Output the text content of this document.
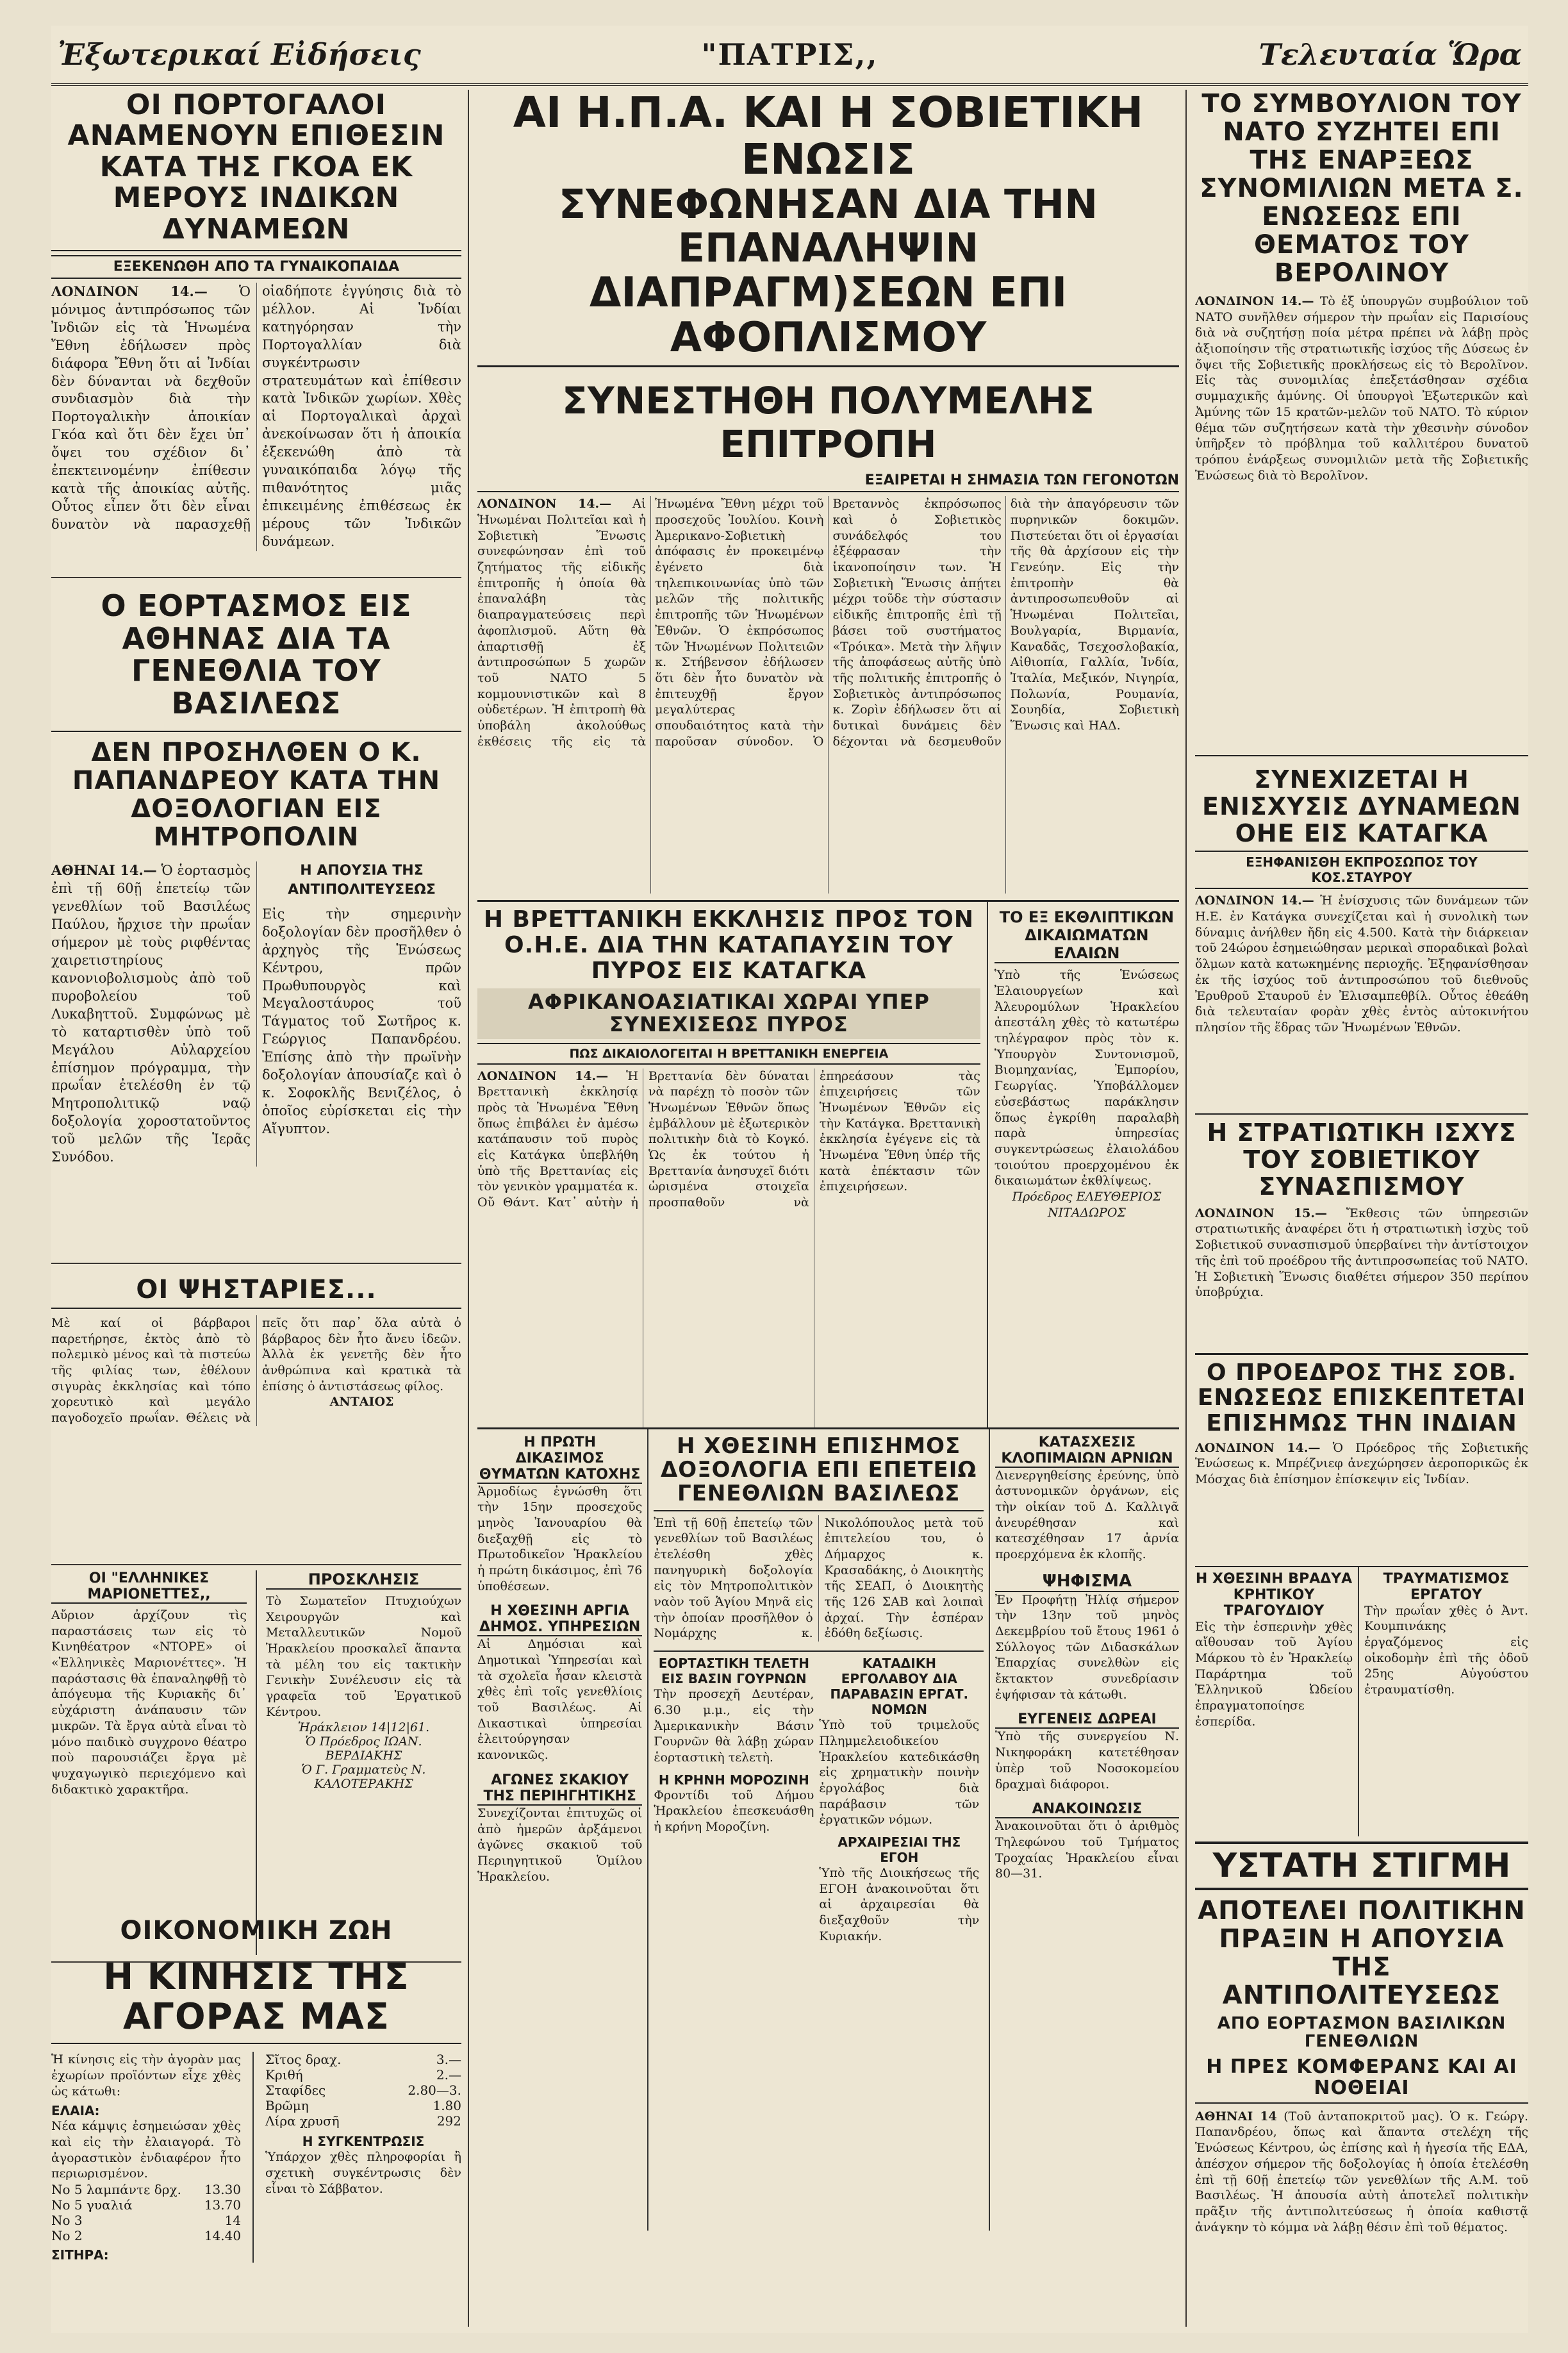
Ἐξωτερικαί Εἰδήσεις	"ΠΑΤΡΙΣ,,	Τελευταία Ὥρα
ΟΙ ΠΟΡΤΟΓΑΛΟΙ ΑΝΑΜΕΝΟΥΝ ΕΠΙΘΕΣΙΝ ΚΑΤΑ ΤΗΣ ΓΚΟΑ ΕΚ ΜΕΡΟΥΣ ΙΝΔΙΚΩΝ ΔΥΝΑΜΕΩΝ
ΕΞΕΚΕΝΩΘΗ ΑΠΟ ΤΑ ΓΥΝΑΙΚΟΠΑΙΔΑ
ΛΟΝΔΙΝΟΝ 14.— Ὁ μόνιμος ἀντιπρόσωπος τῶν Ἰνδιῶν εἰς τὰ Ἡνωμένα Ἔθνη ἐδήλωσεν πρὸς διάφορα Ἔθνη ὅτι αἱ Ἰνδίαι δὲν δύνανται νὰ δεχθοῦν συνδιασμὸν διὰ τὴν Πορτογαλικὴν ἀποικίαν Γκόα καὶ ὅτι δὲν ἔχει ὑπ᾽ ὄψει του σχέδιον δι᾽ ἐπεκτεινομένην ἐπίθεσιν κατὰ τῆς ἀποικίας αὐτῆς. Οὗτος εἶπεν ὅτι δὲν εἶναι δυνατὸν νὰ παρασχεθῇ οἱαδήποτε ἐγγύησις διὰ τὸ μέλλον. Αἱ Ἰνδίαι κατηγόρησαν τὴν Πορτογαλλίαν διὰ συγκέντρωσιν στρατευμάτων καὶ ἐπίθεσιν κατὰ Ἰνδικῶν χωρίων. Χθὲς αἱ Πορτογαλικαὶ ἀρχαὶ ἀνεκοίνωσαν ὅτι ἡ ἀποικία ἐξεκενώθη ἀπὸ τὰ γυναικόπαιδα λόγῳ τῆς πιθανότητος μιᾶς ἐπικειμένης ἐπιθέσεως ἐκ μέρους τῶν Ἰνδικῶν δυνάμεων.
Ο ΕΟΡΤΑΣΜΟΣ ΕΙΣ ΑΘΗΝΑΣ ΔΙΑ ΤΑ ΓΕΝΕΘΛΙΑ ΤΟΥ ΒΑΣΙΛΕΩΣ
ΔΕΝ ΠΡΟΣΗΛΘΕΝ Ο Κ. ΠΑΠΑΝΔΡΕΟΥ ΚΑΤΑ ΤΗΝ ΔΟΞΟΛΟΓΙΑΝ ΕΙΣ ΜΗΤΡΟΠΟΛΙΝ
ΑΘΗΝΑΙ 14.— Ὁ ἑορτασμὸς ἐπὶ τῇ 60ῇ ἐπετείῳ τῶν γενεθλίων τοῦ Βασιλέως Παύλου, ἤρχισε τὴν πρωΐαν σήμερον μὲ τοὺς ριφθέντας χαιρετιστηρίους κανονιοβολισμοὺς ἀπὸ τοῦ πυροβολείου τοῦ Λυκαβηττοῦ. Συμφώνως μὲ τὸ καταρτισθὲν ὑπὸ τοῦ Μεγάλου Αὐλαρχείου ἐπίσημον πρόγραμμα, τὴν πρωΐαν ἐτελέσθη ἐν τῷ Μητροπολιτικῷ ναῷ δοξολογία χοροστατοῦντος τοῦ μελῶν τῆς Ἱερᾶς Συνόδου.
Η ΑΠΟΥΣΙΑ ΤΗΣ ΑΝΤΙΠΟΛΙΤΕΥΣΕΩΣ
Εἰς τὴν σημερινὴν δοξολογίαν δὲν προσῆλθεν ὁ ἀρχηγὸς τῆς Ἑνώσεως Κέντρου, πρῶν Πρωθυπουργὸς καὶ Μεγαλοστάυρος τοῦ Τάγματος τοῦ Σωτῆρος κ. Γεώργιος Παπανδρέου. Ἐπίσης ἀπὸ τὴν πρωϊνὴν δοξολογίαν ἀπουσίαζε καὶ ὁ κ. Σοφοκλῆς Βενιζέλος, ὁ ὁποῖος εὑρίσκεται εἰς τὴν Αἴγυπτον.
ΟΙ ΨΗΣΤΑΡΙΕΣ...
Μὲ καί οἱ βάρβαροι παρετήρησε, ἐκτὸς ἀπὸ τὸ πολεμικὸ μένος καὶ τὰ πιστεύω τῆς φιλίας των, ἐθέλουν σιγυρὰς ἐκκλησίας καὶ τόπο χορευτικὸ καὶ μεγάλο παγοδοχεῖο πρωΐαν. Θέλεις νὰ πεῖς ὅτι παρ᾽ ὅλα αὐτὰ ὁ βάρβαρος δὲν ἦτο ἄνευ ἰδεῶν. Ἀλλὰ ἐκ γενετῆς δὲν ἦτο ἀνθρώπινα καὶ κρατικὰ τὰ ἐπίσης ὁ ἀντιστάσεως φίλος.
ΑΝΤΑΙΟΣ
ΟΙ "ΕΛΛΗΝΙΚΕΣ ΜΑΡΙΟΝΕΤΤΕΣ,,
Αὔριον ἀρχίζουν τὶς παραστάσεις των εἰς τὸ Κινηθέατρον «ΝΤΟΡΕ» οἱ «Ἑλληνικὲς Μαριονέττες». Ἡ παράστασις θὰ ἐπαναληφθῇ τὸ ἀπόγευμα τῆς Κυριακῆς δι᾽ εὐχάριστη ἀνάπαυσιν τῶν μικρῶν. Τὰ ἔργα αὐτὰ εἶναι τὸ μόνο παιδικὸ συγχρονο θέατρο ποὺ παρουσιάζει ἔργα μὲ ψυχαγωγικὸ περιεχόμενο καὶ διδακτικὸ χαρακτῆρα.
ΠΡΟΣΚΛΗΣΙΣ
Τὸ Σωματεῖον Πτυχιούχων Χειρουργῶν καὶ Μεταλλευτικῶν Νομοῦ Ἡρακλείου προσκαλεῖ ἅπαντα τὰ μέλη του εἰς τακτικὴν Γενικὴν Συνέλευσιν εἰς τὰ γραφεῖα τοῦ Ἐργατικοῦ Κέντρου.
Ἡράκλειον 14|12|61.
Ὁ Πρόεδρος ΙΩΑΝ. ΒΕΡΔΙΑΚΗΣ
Ὁ Γ. Γραμματεὺς Ν. ΚΑΛΟΤΕΡΑΚΗΣ
ΟΙΚΟΝΟΜΙΚΗ ΖΩΗ
Η ΚΙΝΗΣΙΣ ΤΗΣ ΑΓΟΡΑΣ ΜΑΣ
Ἡ κίνησις εἰς τὴν ἀγορὰν μας ἐχωρίων προϊόντων εἶχε χθὲς ὡς κάτωθι:
ΕΛΑΙΑ:
Νέα κάμψις ἐσημειώσαν χθὲς καὶ εἰς τὴν ἐλαιαγορά. Τὸ ἀγοραστικὸν ἐνδιαφέρον ἦτο περιωρισμένον.
Νο 5 λαμπάντε δρχ. 13.30
Νο 5 γυαλιά	13.70
Νο 3	14
Νο 2	14.40
ΣΙΤΗΡΑ:
Σῖτος δραχ.	3.—
Κριθή	2.—
Σταφίδες	2.80—3.
Βρῶμη	1.80
Λίρα χρυσῆ	292
Η ΣΥΓΚΕΝΤΡΩΣΙΣ
Ὑπάρχον χθὲς πληροφορίαι ἢ σχετικὴ συγκέντρωσις δὲν εἶναι τὸ Σάββατον.
ΑΙ Η.Π.Α. ΚΑΙ Η ΣΟΒΙΕΤΙΚΗ ΕΝΩΣΙΣ
ΣΥΝΕΦΩΝΗΣΑΝ ΔΙΑ ΤΗΝ ΕΠΑΝΑΛΗΨΙΝ
ΔΙΑΠΡΑΓΜ)ΣΕΩΝ ΕΠΙ ΑΦΟΠΛΙΣΜΟΥ
ΣΥΝΕΣΤΗΘΗ ΠΟΛΥΜΕΛΗΣ ΕΠΙΤΡΟΠΗ
ΕΞΑΙΡΕΤΑΙ Η ΣΗΜΑΣΙΑ ΤΩΝ ΓΕΓΟΝΟΤΩΝ
ΛΟΝΔΙΝΟΝ 14.— Αἱ Ἡνωμέναι Πολιτεῖαι καὶ ἡ Σοβιετικὴ Ἕνωσις συνεφώνησαν ἐπὶ τοῦ ζητήματος τῆς εἰδικῆς ἐπιτροπῆς ἡ ὁποία θὰ ἐπαναλάβη τὰς διαπραγματεύσεις περὶ ἀφοπλισμοῦ. Αὕτη θὰ ἀπαρτισθῇ ἐξ ἀντιπροσώπων 5 χωρῶν τοῦ ΝΑΤΟ 5 κομμουνιστικῶν καὶ 8 οὐδετέρων. Ἡ ἐπιτροπὴ θὰ ὑποβάλη ἀκολούθως ἐκθέσεις τῆς εἰς τὰ Ἡνωμένα Ἔθνη μέχρι τοῦ προσεχοῦς Ἰουλίου. Κοινὴ Ἀμερικανο-Σοβιετικὴ ἀπόφασις ἐν προκειμένῳ ἐγένετο διὰ τηλεπικοινωνίας ὑπὸ τῶν μελῶν τῆς πολιτικῆς ἐπιτροπῆς τῶν Ἡνωμένων Ἐθνῶν. Ὁ ἐκπρόσωπος τῶν Ἡνωμένων Πολιτειῶν κ. Στήβενσον ἐδήλωσεν ὅτι δὲν ἦτο δυνατὸν νὰ ἐπιτευχθῇ ἔργον μεγαλύτερας σπουδαιότητος κατὰ τὴν παροῦσαν σύνοδον. Ὁ Βρεταννὸς ἐκπρόσωπος καὶ ὁ Σοβιετικὸς συνάδελφός του ἐξέφρασαν τὴν ἱκανοποίησιν των. Ἡ Σοβιετικὴ Ἕνωσις ἀπῄτει μέχρι τοῦδε τὴν σύστασιν εἰδικῆς ἐπιτροπῆς ἐπὶ τῇ βάσει τοῦ συστήματος «Τρόικα». Μετὰ τὴν λῆψιν τῆς ἀποφάσεως αὐτῆς ὑπὸ τῆς πολιτικῆς ἐπιτροπῆς ὁ Σοβιετικὸς ἀντιπρόσωπος κ. Ζορὶν ἐδήλωσεν ὅτι αἱ δυτικαὶ δυνάμεις δὲν δέχονται νὰ δεσμευθοῦν διὰ τὴν ἀπαγόρευσιν τῶν πυρηνικῶν δοκιμῶν. Πιστεύεται ὅτι οἱ ἐργασίαι τῆς θὰ ἀρχίσουν εἰς τὴν Γενεύην. Εἰς τὴν ἐπιτροπὴν θὰ ἀντιπροσωπευθοῦν αἱ Ἡνωμέναι Πολιτεῖαι, Βουλγαρία, Βιρμανία, Καναδᾶς, Τσεχοσλοβακία, Αἰθιοπία, Γαλλία, Ἰνδία, Ἰταλία, Μεξικόν, Νιγηρία, Πολωνία, Ρουμανία, Σουηδία, Σοβιετικὴ Ἕνωσις καὶ ΗΑΔ.
Η ΒΡΕΤΤΑΝΙΚΗ ΕΚΚΛΗΣΙΣ ΠΡΟΣ ΤΟΝ Ο.Η.Ε. ΔΙΑ ΤΗΝ ΚΑΤΑΠΑΥΣΙΝ ΤΟΥ ΠΥΡΟΣ ΕΙΣ ΚΑΤΑΓΚΑ
ΑΦΡΙΚΑΝΟΑΣΙΑΤΙΚΑΙ ΧΩΡΑΙ ΥΠΕΡ ΣΥΝΕΧΙΣΕΩΣ ΠΥΡΟΣ
ΠΩΣ ΔΙΚΑΙΟΛΟΓΕΙΤΑΙ Η ΒΡΕΤΤΑΝΙΚΗ ΕΝΕΡΓΕΙΑ
ΛΟΝΔΙΝΟΝ 14.— Ἡ Βρεττανικὴ ἐκκλησίᾳ πρὸς τὰ Ἡνωμένα Ἔθνη ὅπως ἐπιβάλει ἐν ἀμέσω κατάπαυσιν τοῦ πυρὸς εἰς Κατάγκα ὑπεβλήθη ὑπὸ τῆς Βρεττανίας εἰς τὸν γενικὸν γραμματέα κ. Οὔ Θάντ. Κατ᾽ αὐτὴν ἡ Βρεττανία δὲν δύναται νὰ παρέχῃ τὸ ποσὸν τῶν Ἡνωμένων Ἐθνῶν ὅπως ἐμβάλλουν μὲ ἐξωτερικὸν πολιτικὴν διὰ τὸ Κογκό. Ὡς ἐκ τούτου ἡ Βρεττανία ἀνησυχεῖ διότι ὡρισμένα στοιχεῖα προσπαθοῦν νὰ ἐπηρεάσουν τὰς ἐπιχειρήσεις τῶν Ἡνωμένων Ἐθνῶν εἰς τὴν Κατάγκα. Βρεττανικὴ ἐκκλησία ἐγέγενε εἰς τὰ Ἡνωμένα Ἔθνη ὑπέρ τῆς κατὰ ἐπέκτασιν τῶν ἐπιχειρήσεων.
ΤΟ ΕΞ ΕΚΘΛΙΠΤΙΚΩΝ ΔΙΚΑΙΩΜΑΤΩΝ ΕΛΑΙΩΝ
Ὑπὸ τῆς Ἑνώσεως Ἐλαιουργείων καὶ Ἀλευρομύλων Ἡρακλείου ἀπεστάλη χθὲς τὸ κατωτέρω τηλέγραφον πρὸς τὸν κ. Ὑπουργὸν Συντονισμοῦ, Βιομηχανίας, Ἐμπορίου, Γεωργίας. Ὑποβάλλομεν εὐσεβάστως παράκλησιν ὅπως ἐγκρίθη παραλαβὴ παρὰ ὑπηρεσίας συγκεντρώσεως ἐλαιολάδου τοιούτου προερχομένου ἐκ δικαιωμάτων ἐκθλίψεως.
Πρόεδρος ΕΛΕΥΘΕΡΙΟΣ ΝΙΤΑΔΩΡΟΣ
Η ΠΡΩΤΗ ΔΙΚΑΣΙΜΟΣ ΘΥΜΑΤΩΝ ΚΑΤΟΧΗΣ
Ἁρμοδίως ἐγνώσθη ὅτι τὴν 15ην προσεχοῦς μηνὸς Ἰανουαρίου θὰ διεξαχθῇ εἰς τὸ Πρωτοδικεῖον Ἡρακλείου ἡ πρώτη δικάσιμος, ἐπὶ 76 ὑποθέσεων.
Η ΧΘΕΣΙΝΗ ΑΡΓΙΑ ΔΗΜΟΣ. ΥΠΗΡΕΣΙΩΝ
Αἱ Δημόσιαι καὶ Δημοτικαὶ Ὑπηρεσίαι καὶ τὰ σχολεῖα ἦσαν κλειστὰ χθὲς ἐπὶ τοῖς γενεθλίοις τοῦ Βασιλέως. Αἱ Δικαστικαὶ ὑπηρεσίαι ἐλειτούργησαν κανονικῶς.
ΑΓΩΝΕΣ ΣΚΑΚΙΟΥ ΤΗΣ ΠΕΡΙΗΓΗΤΙΚΗΣ
Συνεχίζονται ἐπιτυχῶς οἱ ἀπὸ ἡμερῶν ἀρξάμενοι ἀγῶνες σκακιοῦ τοῦ Περιηγητικοῦ Ὁμίλου Ἡρακλείου.
Η ΧΘΕΣΙΝΗ ΕΠΙΣΗΜΟΣ ΔΟΞΟΛΟΓΙΑ ΕΠΙ ΕΠΕΤΕΙΩ ΓΕΝΕΘΛΙΩΝ ΒΑΣΙΛΕΩΣ
Ἐπὶ τῇ 60ῇ ἐπετείῳ τῶν γενεθλίων τοῦ Βασιλέως ἐτελέσθη χθὲς πανηγυρικὴ δοξολογία εἰς τὸν Μητροπολιτικὸν ναὸν τοῦ Ἁγίου Μηνᾶ εἰς τὴν ὁποίαν προσῆλθον ὁ Νομάρχης κ. Νικολόπουλος μετὰ τοῦ ἐπιτελείου του, ὁ Δήμαρχος κ. Κρασαδάκης, ὁ Διοικητὴς τῆς ΣΕΑΠ, ὁ Διοικητὴς τῆς 126 ΣΑΒ καὶ λοιπαὶ ἀρχαί. Τὴν ἑσπέραν ἐδόθη δεξίωσις.
ΕΟΡΤΑΣΤΙΚΗ ΤΕΛΕΤΗ ΕΙΣ ΒΑΣΙΝ ΓΟΥΡΝΩΝ
Τὴν προσεχῆ Δευτέραν, 6.30 μ.μ., εἰς τὴν Ἀμερικανικὴν Βάσιν Γουρνῶν θὰ λάβῃ χώραν ἑορταστικὴ τελετὴ.
Η ΚΡΗΝΗ ΜΟΡΟΖΙΝΗ
Φροντίδι τοῦ Δήμου Ἡρακλείου ἐπεσκευάσθη ἡ κρήνη Μοροζίνη.
ΚΑΤΑΔΙΚΗ ΕΡΓΟΛΑΒΟΥ ΔΙΑ ΠΑΡΑΒΑΣΙΝ ΕΡΓΑΤ. ΝΟΜΩΝ
Ὑπὸ τοῦ τριμελοῦς Πλημμελειοδικείου Ἡρακλείου κατεδικάσθη εἰς χρηματικὴν ποινὴν ἐργολάβος διὰ παράβασιν τῶν ἐργατικῶν νόμων.
ΑΡΧΑΙΡΕΣΙΑΙ ΤΗΣ ΕΓΟΗ
Ὑπὸ τῆς Διοικήσεως τῆς ΕΓΟΗ ἀνακοινοῦται ὅτι αἱ ἀρχαιρεσίαι θὰ διεξαχθοῦν τὴν Κυριακήν.
ΚΑΤΑΣΧΕΣΙΣ ΚΛΟΠΙΜΑΙΩΝ ΑΡΝΙΩΝ
Διενεργηθείσης ἐρεύνης, ὑπὸ ἀστυνομικῶν ὀργάνων, εἰς τὴν οἰκίαν τοῦ Δ. Καλλιγᾶ ἀνευρέθησαν καὶ κατεσχέθησαν 17 ἀρνία προερχόμενα ἐκ κλοπῆς.
ΨΗΦΙΣΜΑ
Ἐν Προφήτῃ Ἠλίᾳ σήμερον τὴν 13ην τοῦ μηνὸς Δεκεμβρίου τοῦ ἔτους 1961 ὁ Σύλλογος τῶν Διδασκάλων Ἐπαρχίας συνελθὼν εἰς ἔκτακτον συνεδρίασιν ἐψήφισαν τὰ κάτωθι.
ΕΥΓΕΝΕΙΣ ΔΩΡΕΑΙ
Ὑπὸ τῆς συνεργείου Ν. Νικηφοράκη κατετέθησαν ὑπὲρ τοῦ Νοσοκομείου δραχμαὶ διάφοροι.
ΑΝΑΚΟΙΝΩΣΙΣ
Ἀνακοινοῦται ὅτι ὁ ἀριθμὸς Τηλεφώνου τοῦ Τμήματος Τροχαίας Ἡρακλείου εἶναι 80—31.
ΤΟ ΣΥΜΒΟΥΛΙΟΝ ΤΟΥ ΝΑΤΟ ΣΥΖΗΤΕΙ ΕΠΙ ΤΗΣ ΕΝΑΡΞΕΩΣ ΣΥΝΟΜΙΛΙΩΝ ΜΕΤΑ Σ. ΕΝΩΣΕΩΣ ΕΠΙ ΘΕΜΑΤΟΣ ΤΟΥ ΒΕΡΟΛΙΝΟΥ
ΛΟΝΔΙΝΟΝ 14.— Τὸ ἐξ ὑπουργῶν συμβούλιον τοῦ ΝΑΤΟ συνῆλθεν σήμερον τὴν πρωΐαν εἰς Παρισίους διὰ νὰ συζητήσῃ ποία μέτρα πρέπει νὰ λάβῃ πρὸς ἀξιοποίησιν τῆς στρατιωτικῆς ἰσχύος τῆς Δύσεως ἐν ὄψει τῆς Σοβιετικῆς προκλήσεως εἰς τὸ Βερολῖνον. Εἰς τὰς συνομιλίας ἐπεξετάσθησαν σχέδια συμμαχικῆς ἀμύνης. Οἱ ὑπουργοὶ Ἐξωτερικῶν καὶ Ἀμύνης τῶν 15 κρατῶν-μελῶν τοῦ ΝΑΤΟ. Τὸ κύριον θέμα τῶν συζητήσεων κατὰ τὴν χθεσινὴν σύνοδον ὑπῆρξεν τὸ πρόβλημα τοῦ καλλιτέρου δυνατοῦ τρόπου ἐνάρξεως συνομιλιῶν μετὰ τῆς Σοβιετικῆς Ἑνώσεως διὰ τὸ Βερολῖνον.
ΣΥΝΕΧΙΖΕΤΑΙ Η ΕΝΙΣΧΥΣΙΣ ΔΥΝΑΜΕΩΝ ΟΗΕ ΕΙΣ ΚΑΤΑΓΚΑ
ΕΞΗΦΑΝΙΣΘΗ ΕΚΠΡΟΣΩΠΟΣ ΤΟΥ ΚΟΣ.ΣΤΑΥΡΟΥ
ΛΟΝΔΙΝΟΝ 14.— Ἡ ἐνίσχυσις τῶν δυνάμεων τῶν Η.Ε. ἐν Κατάγκα συνεχίζεται καὶ ἡ συνολικὴ των δύναμις ἀνήλθεν ἤδη εἰς 4.500. Κατὰ τὴν διάρκειαν τοῦ 24ώρου ἐσημειώθησαν μερικαὶ σποραδικαὶ βολαὶ ὅλμων κατὰ κατωκημένης περιοχῆς. Ἐξηφανίσθησαν ἐκ τῆς ἰσχύος τοῦ ἀντιπροσώπου τοῦ διεθνοῦς Ἐρυθροῦ Σταυροῦ ἐν Ἐλισαμπεθβίλ. Οὗτος ἐθεάθη διὰ τελευταίαν φορὰν χθὲς ἐντὸς αὐτοκινήτου πλησίον τῆς ἕδρας τῶν Ἡνωμένων Ἐθνῶν.
Η ΣΤΡΑΤΙΩΤΙΚΗ ΙΣΧΥΣ ΤΟΥ ΣΟΒΙΕΤΙΚΟΥ ΣΥΝΑΣΠΙΣΜΟΥ
ΛΟΝΔΙΝΟΝ 15.— Ἔκθεσις τῶν ὑπηρεσιῶν στρατιωτικῆς ἀναφέρει ὅτι ἡ στρατιωτικὴ ἰσχὺς τοῦ Σοβιετικοῦ συνασπισμοῦ ὑπερβαίνει τὴν ἀντίστοιχον τῆς ἐπὶ τοῦ προέδρου τῆς ἀντιπροσωπείας τοῦ ΝΑΤΟ. Ἡ Σοβιετικὴ Ἕνωσις διαθέτει σήμερον 350 περίπου ὑποβρύχια.
Ο ΠΡΟΕΔΡΟΣ ΤΗΣ ΣΟΒ. ΕΝΩΣΕΩΣ ΕΠΙΣΚΕΠΤΕΤΑΙ ΕΠΙΣΗΜΩΣ ΤΗΝ ΙΝΔΙΑΝ
ΛΟΝΔΙΝΟΝ 14.— Ὁ Πρόεδρος τῆς Σοβιετικῆς Ἑνώσεως κ. Μπρέζνιεφ ἀνεχώρησεν ἀεροπορικῶς ἐκ Μόσχας διὰ ἐπίσημον ἐπίσκεψιν εἰς Ἰνδίαν.
Η ΧΘΕΣΙΝΗ ΒΡΑΔΥΑ ΚΡΗΤΙΚΟΥ ΤΡΑΓΟΥΔΙΟΥ
Εἰς τὴν ἐσπερινὴν χθὲς αἴθουσαν τοῦ Ἁγίου Μάρκου τὸ ἐν Ἡρακλείῳ Παράρτημα τοῦ Ἑλληνικοῦ Ὠδείου ἐπραγματοποίησε ἐσπερίδα.
ΤΡΑΥΜΑΤΙΣΜΟΣ ΕΡΓΑΤΟΥ
Τὴν πρωΐαν χθὲς ὁ Ἀντ. Κουμπινάκης ἐργαζόμενος εἰς οἰκοδομὴν ἐπὶ τῆς ὁδοῦ 25ης Αὐγούστου ἐτραυματίσθη.
ΥΣΤΑΤΗ ΣΤΙΓΜΗ
ΑΠΟΤΕΛΕΙ ΠΟΛΙΤΙΚΗΝ ΠΡΑΞΙΝ Η ΑΠΟΥΣΙΑ ΤΗΣ ΑΝΤΙΠΟΛΙΤΕΥΣΕΩΣ
ΑΠΟ ΕΟΡΤΑΣΜΟΝ ΒΑΣΙΛΙΚΩΝ ΓΕΝΕΘΛΙΩΝ
Η ΠΡΕΣ ΚΟΜΦΕΡΑΝΣ ΚΑΙ ΑΙ ΝΟΘΕΙΑΙ
ΑΘΗΝΑΙ 14 (Τοῦ ἀνταποκριτοῦ μας). Ὁ κ. Γεώργ. Παπανδρέου, ὅπως καὶ ἅπαντα στελέχη τῆς Ἑνώσεως Κέντρου, ὡς ἐπίσης καὶ ἡ ἡγεσία τῆς ΕΔΑ, ἀπέσχον σήμερον τῆς δοξολογίας ἡ ὁποία ἐτελέσθη ἐπὶ τῇ 60ῇ ἐπετείῳ τῶν γενεθλίων τῆς Α.Μ. τοῦ Βασιλέως. Ἡ ἀπουσία αὐτὴ ἀποτελεῖ πολιτικὴν πρᾶξιν τῆς ἀντιπολιτεύσεως ἡ ὁποία καθιστᾷ ἀνάγκην τὸ κόμμα νὰ λάβῃ θέσιν ἐπὶ τοῦ θέματος.
